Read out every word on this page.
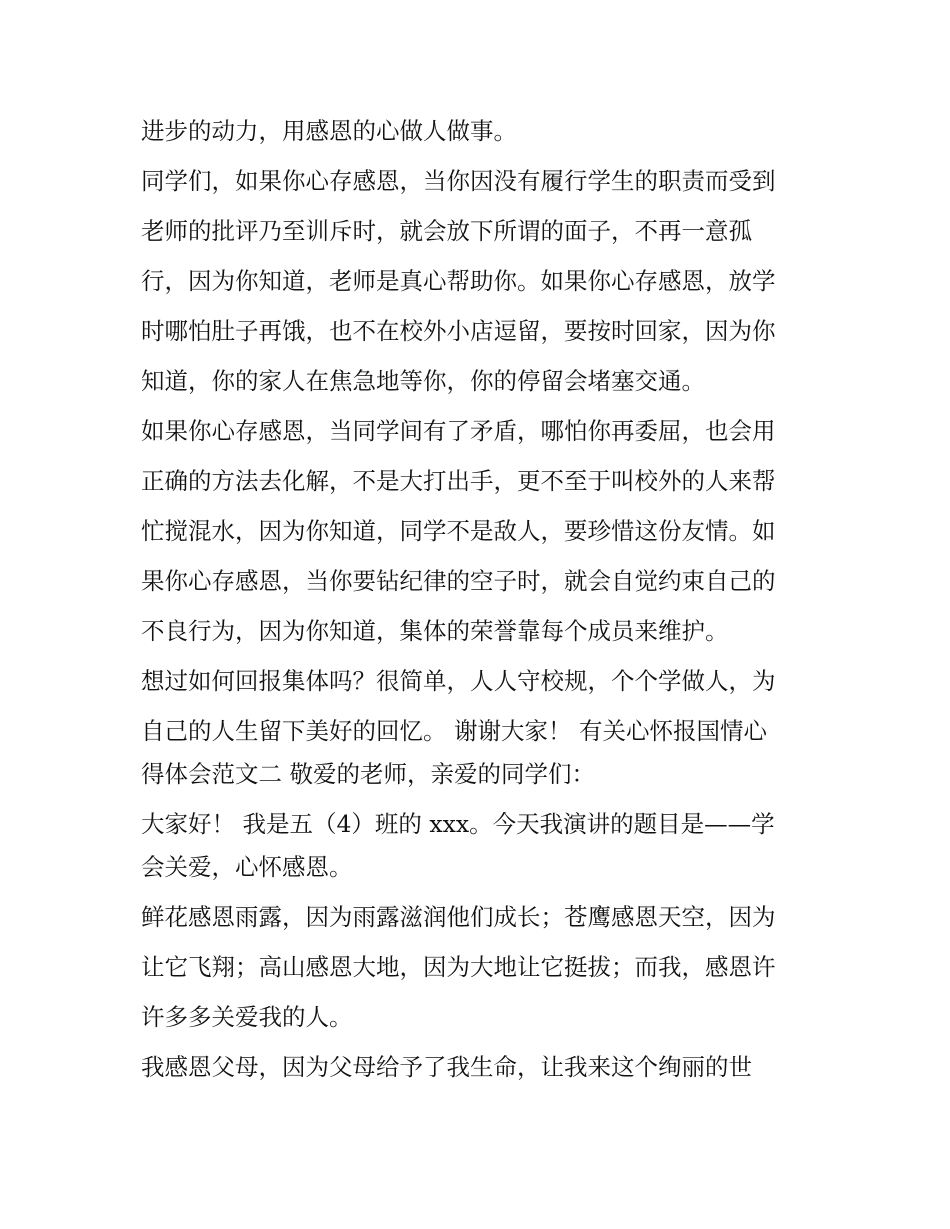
进步的动力，用感恩的心做人做事。
同学们，如果你心存感恩，当你因没有履行学生的职责而受到
老师的批评乃至训斥时，就会放下所谓的面子，不再一意孤
行，因为你知道，老师是真心帮助你。如果你心存感恩，放学
时哪怕肚子再饿，也不在校外小店逗留，要按时回家，因为你
知道，你的家人在焦急地等你，你的停留会堵塞交通。
如果你心存感恩，当同学间有了矛盾，哪怕你再委屈，也会用
正确的方法去化解，不是大打出手，更不至于叫校外的人来帮
忙搅混水，因为你知道，同学不是敌人，要珍惜这份友情。如
果你心存感恩，当你要钻纪律的空子时，就会自觉约束自己的
不良行为，因为你知道，集体的荣誉靠每个成员来维护。
想过如何回报集体吗？很简单，人人守校规，个个学做人，为
自己的人生留下美好的回忆。 谢谢大家！ 有关心怀报国情心
得体会范文二 敬爱的老师，亲爱的同学们：
大家好！ 我是五（4）班的 xxx。今天我演讲的题目是——学
会关爱，心怀感恩。
鲜花感恩雨露，因为雨露滋润他们成长；苍鹰感恩天空，因为
让它飞翔；高山感恩大地，因为大地让它挺拔；而我，感恩许
许多多关爱我的人。
我感恩父母，因为父母给予了我生命，让我来这个绚丽的世
